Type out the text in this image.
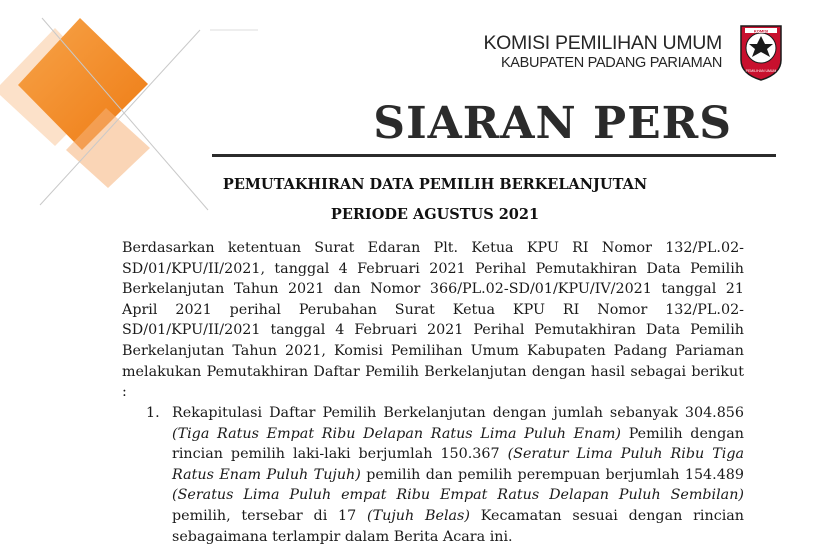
KOMISI PEMILIHAN UMUM
KABUPATEN PADANG PARIAMAN
KOMISI
PEMILIHAN UMUM
SIARAN PERS
PEMUTAKHIRAN DATA PEMILIH BERKELANJUTAN
PERIODE AGUSTUS 2021

Berdasarkan ketentuan Surat Edaran Plt. Ketua KPU RI Nomor 132/PL.02-SD/01/KPU/II/2021, tanggal 4 Februari 2021 Perihal Pemutakhiran Data Pemilih Berkelanjutan Tahun 2021 dan Nomor 366/PL.02-SD/01/KPU/IV/2021 tanggal 21 April 2021 perihal Perubahan Surat Ketua KPU RI Nomor 132/PL.02-SD/01/KPU/II/2021 tanggal 4 Februari 2021 Perihal Pemutakhiran Data Pemilih Berkelanjutan Tahun 2021, Komisi Pemilihan Umum Kabupaten Padang Pariaman melakukan Pemutakhiran Daftar Pemilih Berkelanjutan dengan hasil sebagai berikut :

1. Rekapitulasi Daftar Pemilih Berkelanjutan dengan jumlah sebanyak 304.856 (Tiga Ratus Empat Ribu Delapan Ratus Lima Puluh Enam) Pemilih dengan rincian pemilih laki-laki berjumlah 150.367 (Seratur Lima Puluh Ribu Tiga Ratus Enam Puluh Tujuh) pemilih dan pemilih perempuan berjumlah 154.489 (Seratus Lima Puluh empat Ribu Empat Ratus Delapan Puluh Sembilan) pemilih, tersebar di 17 (Tujuh Belas) Kecamatan sesuai dengan rincian sebagaimana terlampir dalam Berita Acara ini.
